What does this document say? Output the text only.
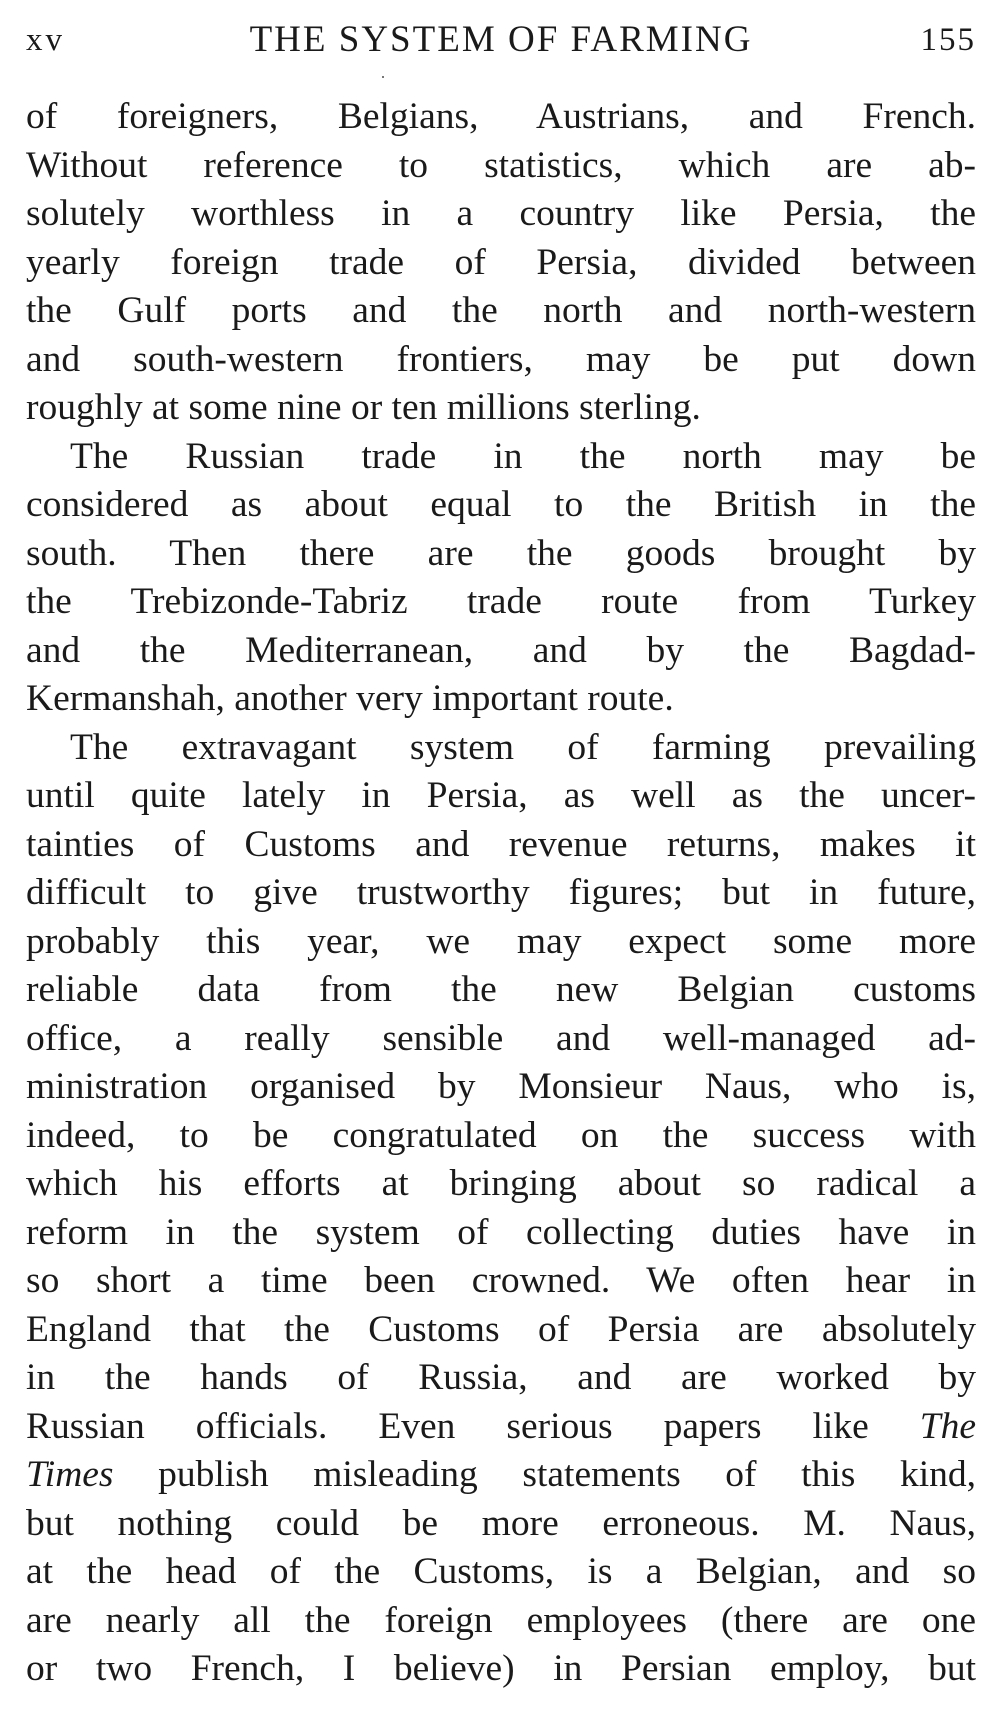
xv	THE SYSTEM OF FARMING	155
of foreigners, Belgians, Austrians, and French.
Without reference to statistics, which are ab-
solutely worthless in a country like Persia, the
yearly foreign trade of Persia, divided between
the Gulf ports and the north and north-western
and south-western frontiers, may be put down
roughly at some nine or ten millions sterling.
The Russian trade in the north may be
considered as about equal to the British in the
south. Then there are the goods brought by
the Trebizonde-Tabriz trade route from Turkey
and the Mediterranean, and by the Bagdad-
Kermanshah, another very important route.
The extravagant system of farming prevailing
until quite lately in Persia, as well as the uncer-
tainties of Customs and revenue returns, makes it
difficult to give trustworthy figures; but in future,
probably this year, we may expect some more
reliable data from the new Belgian customs
office, a really sensible and well-managed ad-
ministration organised by Monsieur Naus, who is,
indeed, to be congratulated on the success with
which his efforts at bringing about so radical a
reform in the system of collecting duties have in
so short a time been crowned. We often hear in
England that the Customs of Persia are absolutely
in the hands of Russia, and are worked by
Russian officials. Even serious papers like The
Times publish misleading statements of this kind,
but nothing could be more erroneous. M. Naus,
at the head of the Customs, is a Belgian, and so
are nearly all the foreign employees (there are one
or two French, I believe) in Persian employ, but
